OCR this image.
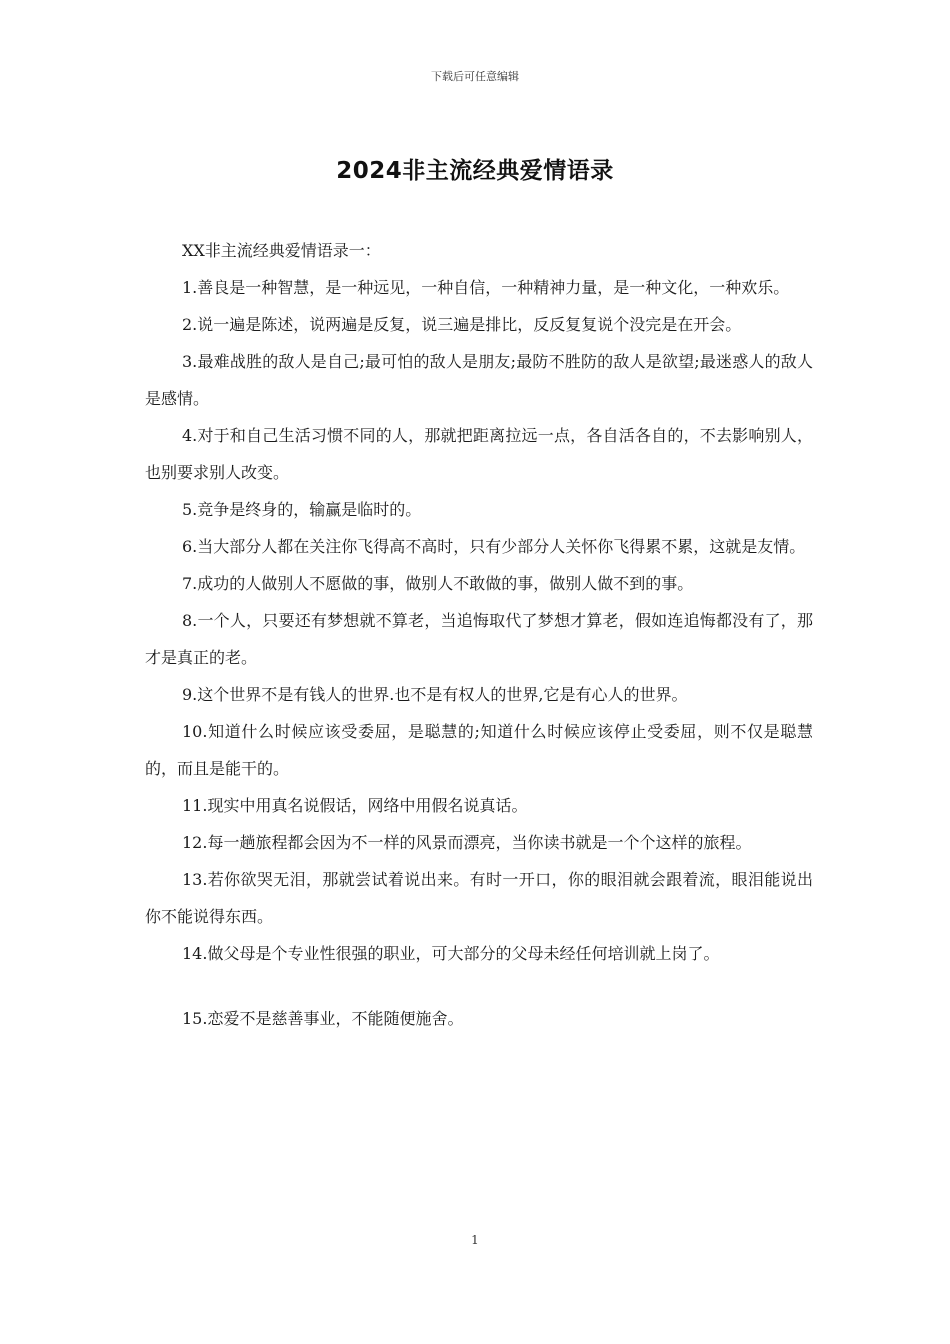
下载后可任意编辑
2024非主流经典爱情语录

XX非主流经典爱情语录一：

1.善良是一种智慧，是一种远见，一种自信，一种精神力量，是一种文化，一种欢乐。

2.说一遍是陈述，说两遍是反复，说三遍是排比，反反复复说个没完是在开会。

3.最难战胜的敌人是自己;最可怕的敌人是朋友;最防不胜防的敌人是欲望;最迷惑人的敌人是感情。

4.对于和自己生活习惯不同的人，那就把距离拉远一点，各自活各自的，不去影响别人，也别要求别人改变。

5.竞争是终身的，输赢是临时的。

6.当大部分人都在关注你飞得高不高时，只有少部分人关怀你飞得累不累，这就是友情。

7.成功的人做别人不愿做的事，做别人不敢做的事，做别人做不到的事。

8.一个人，只要还有梦想就不算老，当追悔取代了梦想才算老，假如连追悔都没有了，那才是真正的老。

9.这个世界不是有钱人的世界.也不是有权人的世界,它是有心人的世界。

10.知道什么时候应该受委屈，是聪慧的;知道什么时候应该停止受委屈，则不仅是聪慧的，而且是能干的。

11.现实中用真名说假话，网络中用假名说真话。

12.每一趟旅程都会因为不一样的风景而漂亮，当你读书就是一个个这样的旅程。

13.若你欲哭无泪，那就尝试着说出来。有时一开口，你的眼泪就会跟着流，眼泪能说出你不能说得东西。

14.做父母是个专业性很强的职业，可大部分的父母未经任何培训就上岗了。

15.恋爱不是慈善事业，不能随便施舍。

1
